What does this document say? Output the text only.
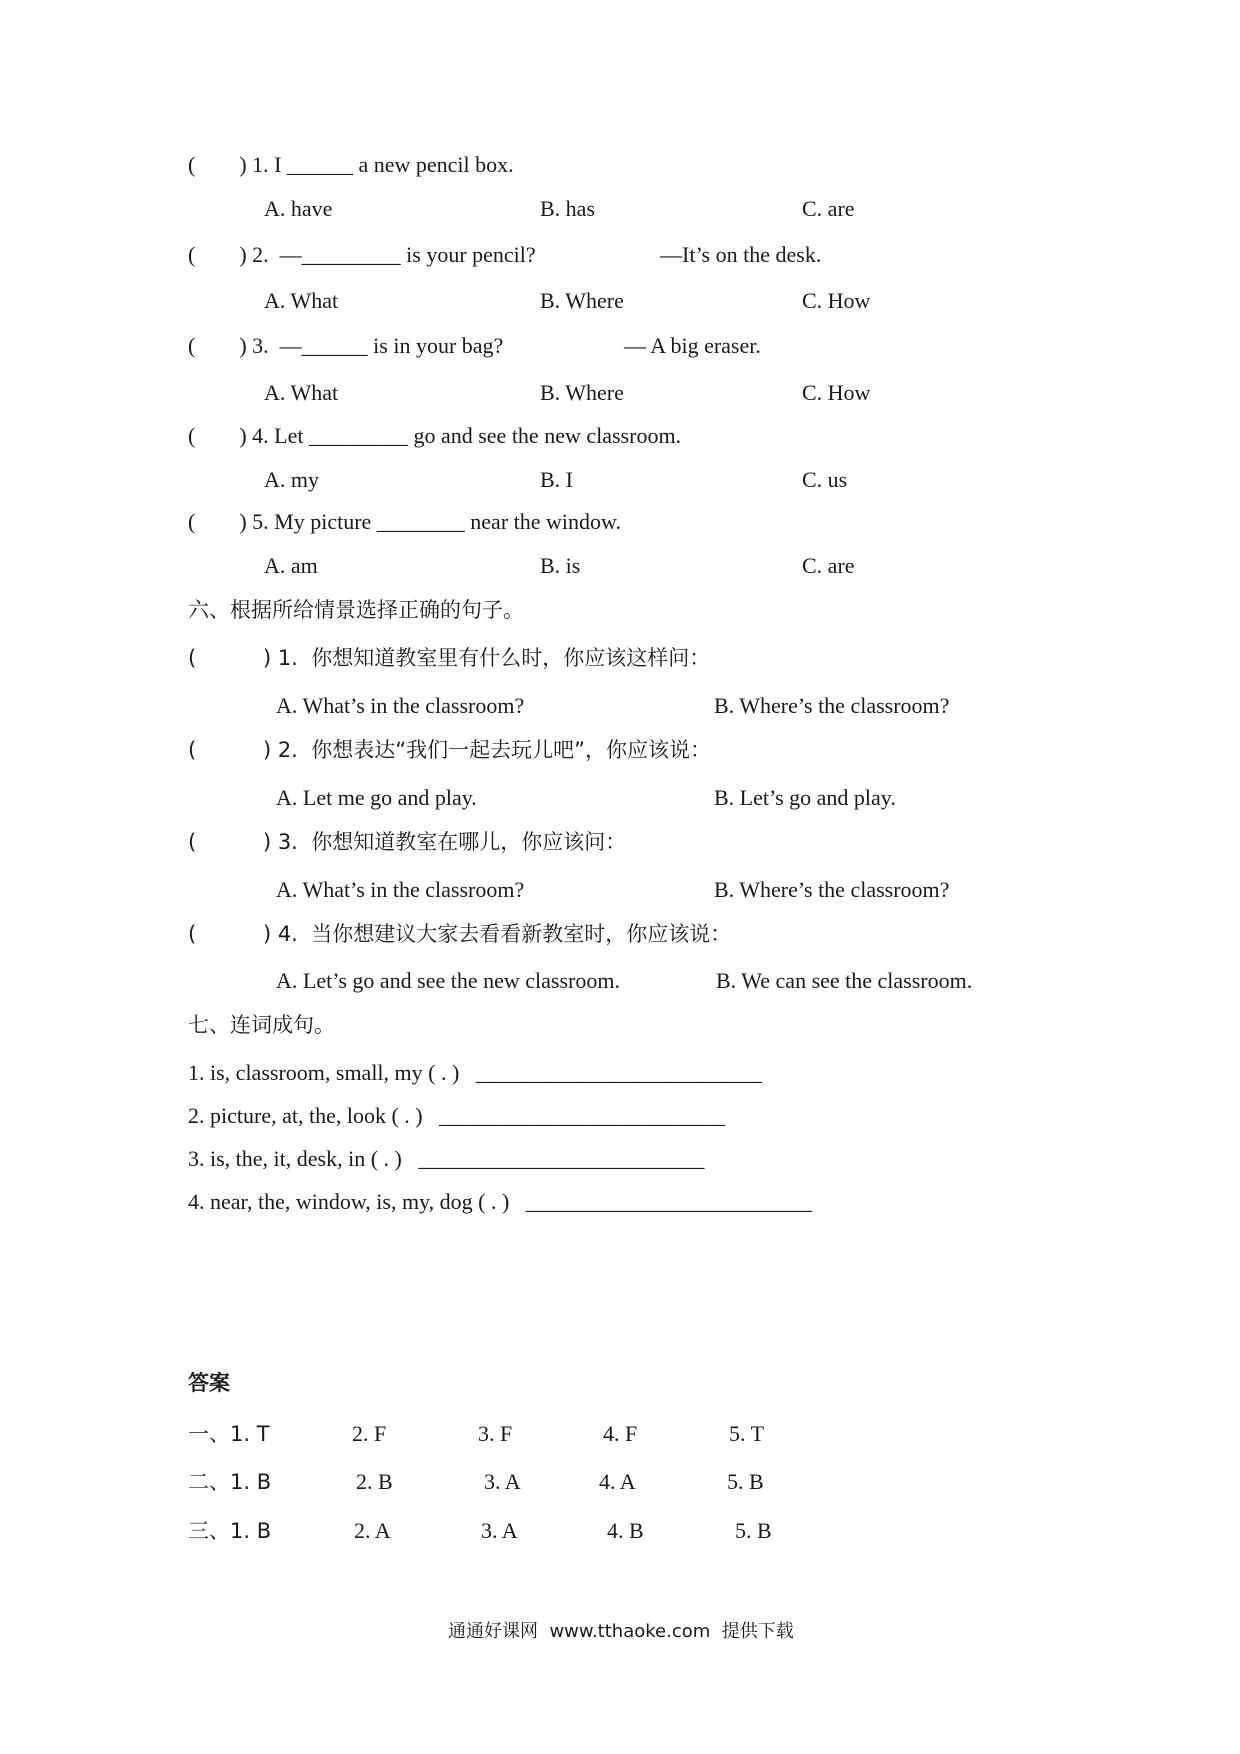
(        ) 1. I ______ a new pencil box.
A. have	B. has	C. are
(        ) 2.  —_________ is your pencil?	—It’s on the desk.
A. What	B. Where	C. How
(        ) 3.  —______ is in your bag?	— A big eraser.
A. What	B. Where	C. How
(        ) 4. Let _________ go and see the new classroom.
A. my	B. I	C. us
(        ) 5. My picture ________ near the window.
A. am	B. is	C. are
六、根据所给情景选择正确的句子。
(          ) 1.  你想知道教室里有什么时，你应该这样问：
A. What’s in the classroom?	B. Where’s the classroom?
(          ) 2.  你想表达“我们一起去玩儿吧”，你应该说：
A. Let me go and play.	B. Let’s go and play.
(          ) 3.  你想知道教室在哪儿，你应该问：
A. What’s in the classroom?	B. Where’s the classroom?
(          ) 4.  当你想建议大家去看看新教室时，你应该说：
A. Let’s go and see the new classroom.	B. We can see the classroom.
七、连词成句。
1. is, classroom, small, my ( . )   __________________________
2. picture, at, the, look ( . )   __________________________
3. is, the, it, desk, in ( . )   __________________________
4. near, the, window, is, my, dog ( . )   __________________________
答案
一、1. T	2. F	3. F	4. F	5. T
二、1. B	2. B	3. A	4. A	5. B
三、1. B	2. A	3. A	4. B	5. B
通通好课网  www.tthaoke.com  提供下载
